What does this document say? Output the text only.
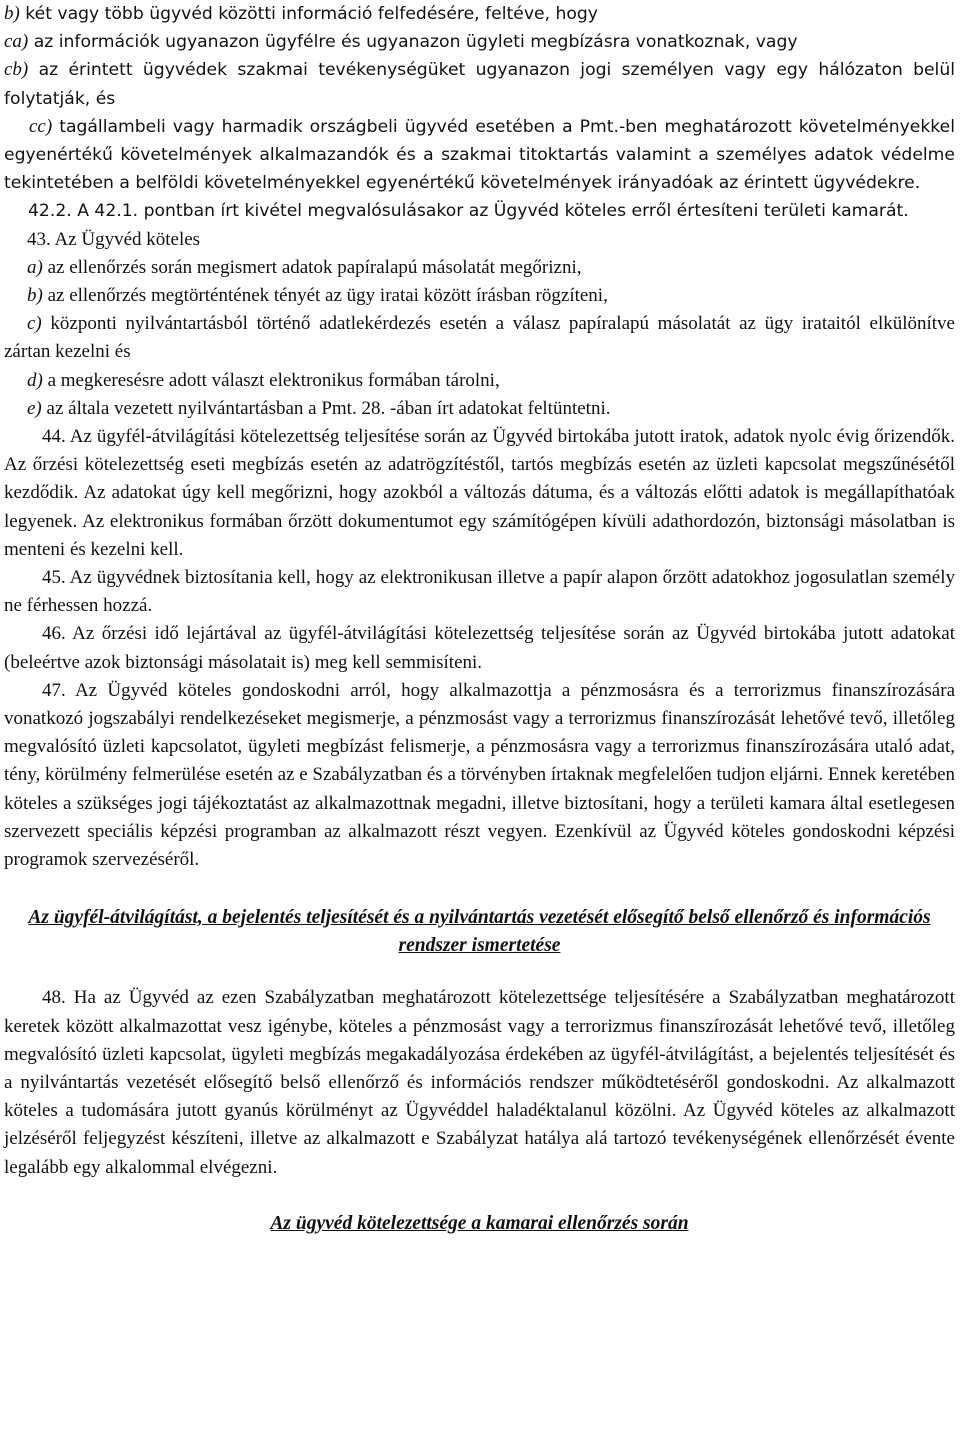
b) két vagy több ügyvéd közötti információ felfedésére, feltéve, hogy

ca) az információk ugyanazon ügyfélre és ugyanazon ügyleti megbízásra vonatkoznak, vagy

cb) az érintett ügyvédek szakmai tevékenységüket ugyanazon jogi személyen vagy egy hálózaton belül folytatják, és

cc) tagállambeli vagy harmadik országbeli ügyvéd esetében a Pmt.-ben meghatározott követelményekkel egyenértékű követelmények alkalmazandók és a szakmai titoktartás valamint a személyes adatok védelme tekintetében a belföldi követelményekkel egyenértékű követelmények irányadóak az érintett ügyvédekre.

42.2. A 42.1. pontban írt kivétel megvalósulásakor az Ügyvéd köteles erről értesíteni területi kamarát.

43. Az Ügyvéd köteles

a) az ellenőrzés során megismert adatok papíralapú másolatát megőrizni,

b) az ellenőrzés megtörténtének tényét az ügy iratai között írásban rögzíteni,

c) központi nyilvántartásból történő adatlekérdezés esetén a válasz papíralapú másolatát az ügy irataitól elkülönítve zártan kezelni és

d) a megkeresésre adott választ elektronikus formában tárolni,

e) az általa vezetett nyilvántartásban a Pmt. 28. -ában írt adatokat feltüntetni.

44. Az ügyfél-átvilágítási kötelezettség teljesítése során az Ügyvéd birtokába jutott iratok, adatok nyolc évig őrizendők. Az őrzési kötelezettség eseti megbízás esetén az adatrögzítéstől, tartós megbízás esetén az üzleti kapcsolat megszűnésétől kezdődik. Az adatokat úgy kell megőrizni, hogy azokból a változás dátuma, és a változás előtti adatok is megállapíthatóak legyenek. Az elektronikus formában őrzött dokumentumot egy számítógépen kívüli adathordozón, biztonsági másolatban is menteni és kezelni kell.

45. Az ügyvédnek biztosítania kell, hogy az elektronikusan illetve a papír alapon őrzött adatokhoz jogosulatlan személy ne férhessen hozzá.

46. Az őrzési idő lejártával az ügyfél-átvilágítási kötelezettség teljesítése során az Ügyvéd birtokába jutott adatokat (beleértve azok biztonsági másolatait is) meg kell semmisíteni.

47. Az Ügyvéd köteles gondoskodni arról, hogy alkalmazottja a pénzmosásra és a terrorizmus finanszírozására vonatkozó jogszabályi rendelkezéseket megismerje, a pénzmosást vagy a terrorizmus finanszírozását lehetővé tevő, illetőleg megvalósító üzleti kapcsolatot, ügyleti megbízást felismerje, a pénzmosásra vagy a terrorizmus finanszírozására utaló adat, tény, körülmény felmerülése esetén az e Szabályzatban és a törvényben írtaknak megfelelően tudjon eljárni. Ennek keretében köteles a szükséges jogi tájékoztatást az alkalmazottnak megadni, illetve biztosítani, hogy a területi kamara által esetlegesen szervezett speciális képzési programban az alkalmazott részt vegyen. Ezenkívül az Ügyvéd köteles gondoskodni képzési programok szervezéséről.

Az ügyfél-átvilágítást, a bejelentés teljesítését és a nyilvántartás vezetését elősegítő belső ellenőrző és információs rendszer ismertetése

48. Ha az Ügyvéd az ezen Szabályzatban meghatározott kötelezettsége teljesítésére a Szabályzatban meghatározott keretek között alkalmazottat vesz igénybe, köteles a pénzmosást vagy a terrorizmus finanszírozását lehetővé tevő, illetőleg megvalósító üzleti kapcsolat, ügyleti megbízás megakadályozása érdekében az ügyfél-átvilágítást, a bejelentés teljesítését és a nyilvántartás vezetését elősegítő belső ellenőrző és információs rendszer működtetéséről gondoskodni. Az alkalmazott köteles a tudomására jutott gyanús körülményt az Ügyvéddel haladéktalanul közölni. Az Ügyvéd köteles az alkalmazott jelzéséről feljegyzést készíteni, illetve az alkalmazott e Szabályzat hatálya alá tartozó tevékenységének ellenőrzését évente legalább egy alkalommal elvégezni.

Az ügyvéd kötelezettsége a kamarai ellenőrzés során
